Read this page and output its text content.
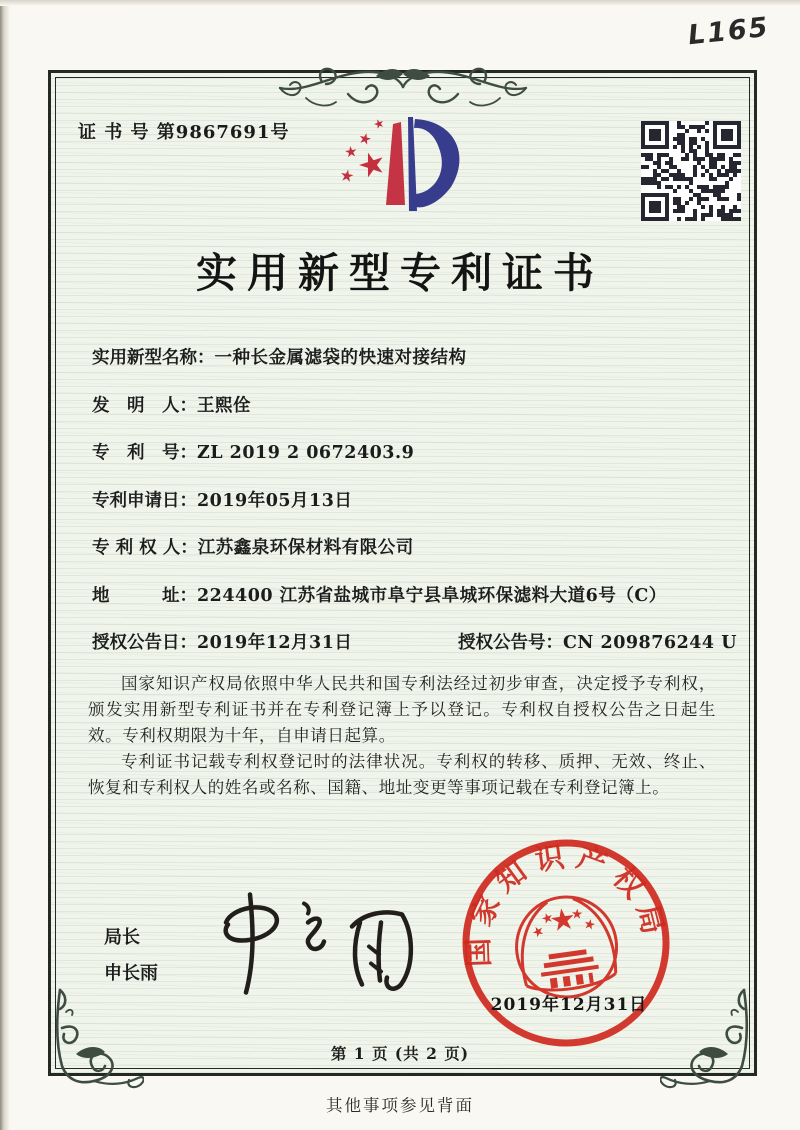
L165
证 书 号 第9867691号
实用新型专利证书
实用新型名称： 一种长金属滤袋的快速对接结构
发　明　人： 王熙佺
专　利　号： ZL 2019 2 0672403.9
专利申请日： 2019年05月13日
专 利 权 人： 江苏鑫泉环保材料有限公司
地　　　址： 224400 江苏省盐城市阜宁县阜城环保滤料大道6号（C）
授权公告日： 2019年12月31日	授权公告号： CN 209876244 U

国家知识产权局依照中华人民共和国专利法经过初步审查，决定授予专利权，颁发实用新型专利证书并在专利登记簿上予以登记。专利权自授权公告之日起生效。专利权期限为十年，自申请日起算。

专利证书记载专利权登记时的法律状况。专利权的转移、质押、无效、终止、恢复和专利权人的姓名或名称、国籍、地址变更等事项记载在专利登记簿上。

局长
申长雨
国家知识产权局
2019年12月31日
第 1 页 (共 2 页)
其他事项参见背面
